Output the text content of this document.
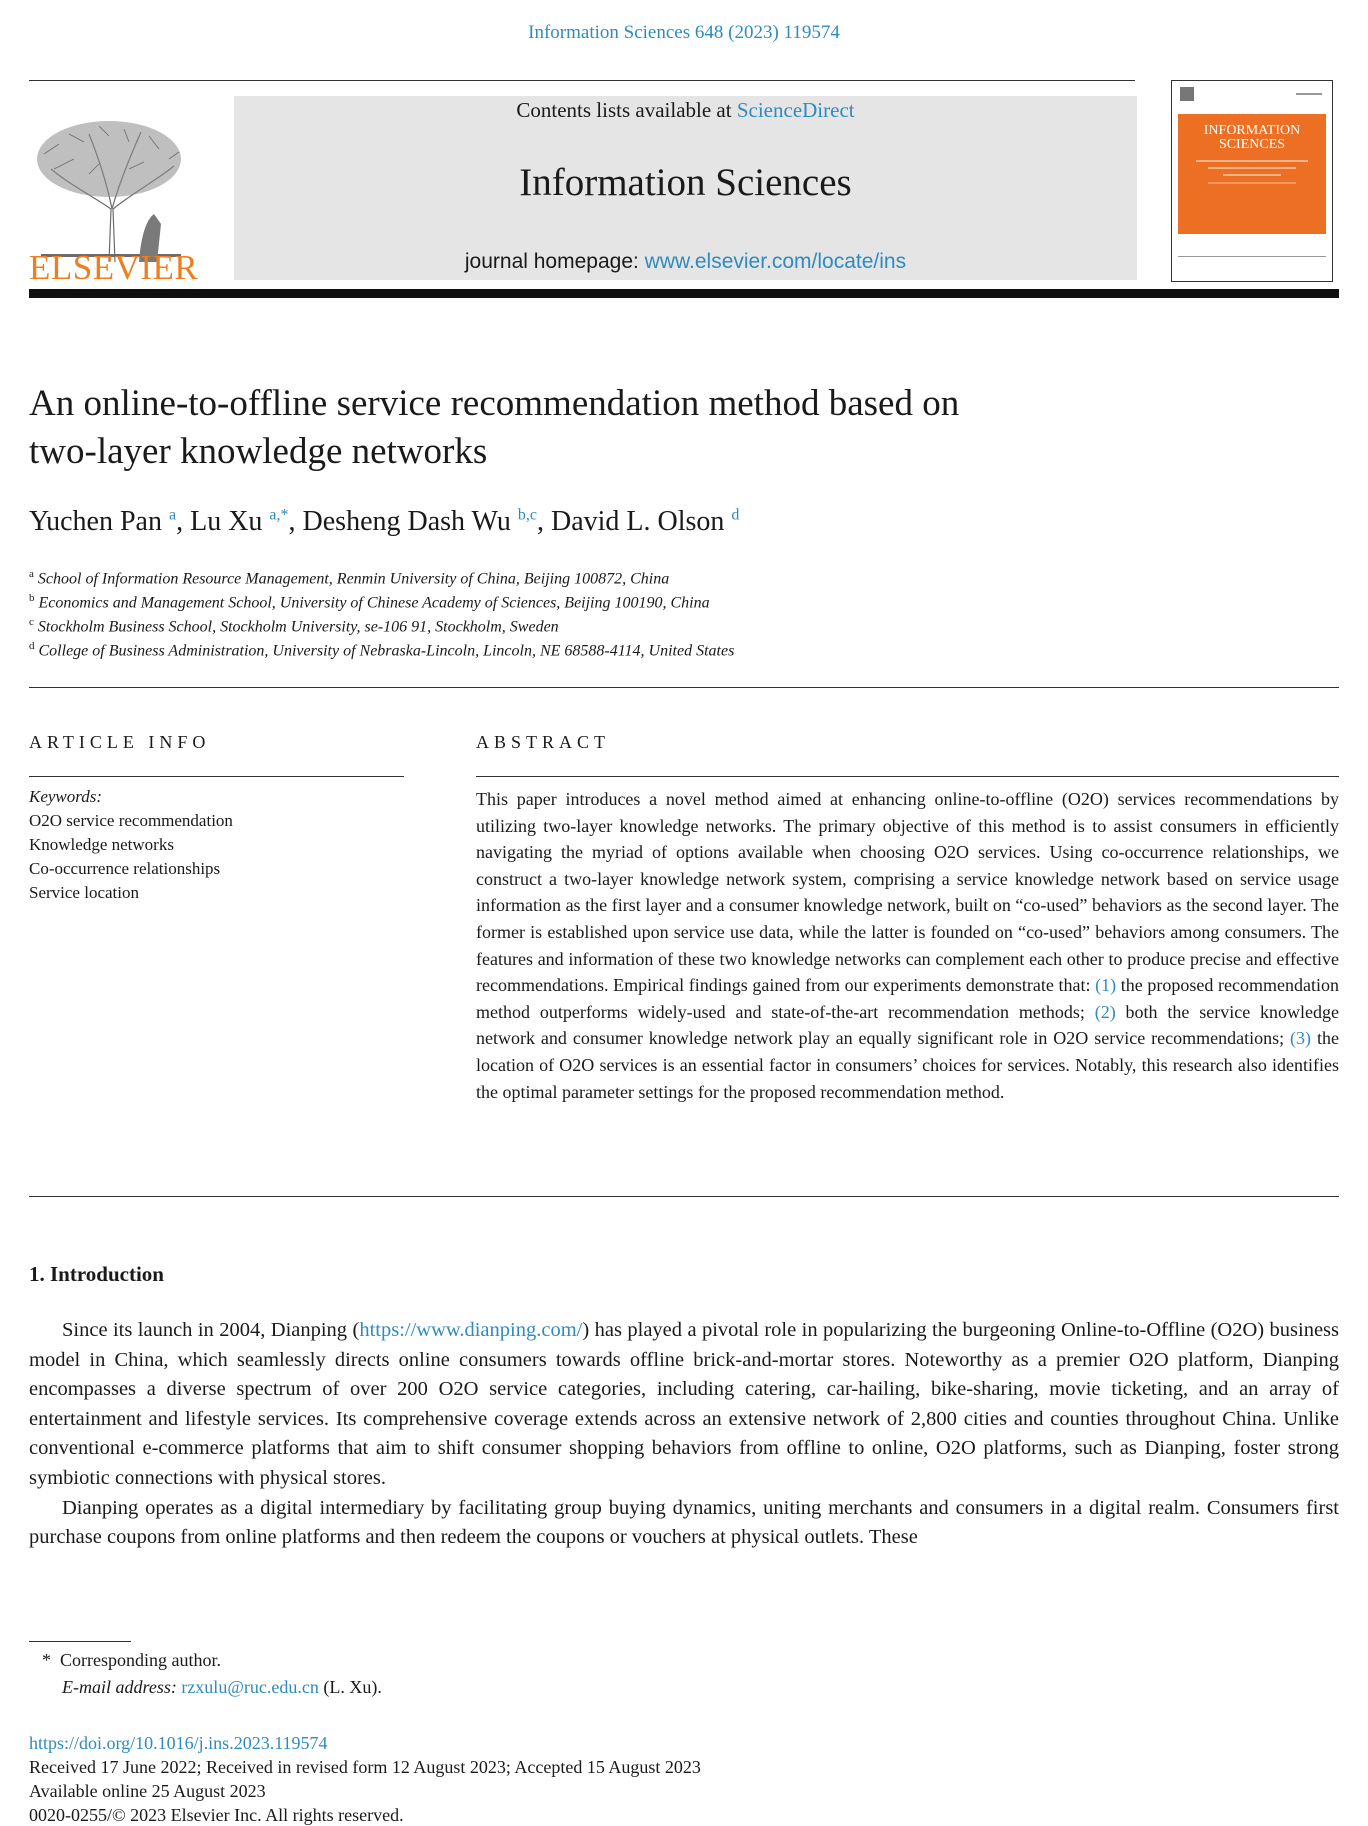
Information Sciences 648 (2023) 119574
ELSEVIER
Contents lists available at ScienceDirect
Information Sciences
journal homepage: www.elsevier.com/locate/ins
INFORMATION
SCIENCES
An online-to-offline service recommendation method based on
two-layer knowledge networks
Yuchen Pan $^a$, Lu Xu $^{a,*}$, Desheng Dash Wu $^{b,c}$, David L. Olson $^d$
$^a$ School of Information Resource Management, Renmin University of China, Beijing 100872, China
$^b$ Economics and Management School, University of Chinese Academy of Sciences, Beijing 100190, China
$^c$ Stockholm Business School, Stockholm University, se-106 91, Stockholm, Sweden
$^d$ College of Business Administration, University of Nebraska-Lincoln, Lincoln, NE 68588-4114, United States
ARTICLE INFO
Keywords:
O2O service recommendation
Knowledge networks
Co-occurrence relationships
Service location
ABSTRACT
This paper introduces a novel method aimed at enhancing online-to-offline (O2O) services recommendations by utilizing two-layer knowledge networks. The primary objective of this method is to assist consumers in efficiently navigating the myriad of options available when choosing O2O services. Using co-occurrence relationships, we construct a two-layer knowledge network system, comprising a service knowledge network based on service usage information as the first layer and a consumer knowledge network, built on “co-used” behaviors as the second layer. The former is established upon service use data, while the latter is founded on “co-used” behaviors among consumers. The features and information of these two knowledge networks can complement each other to produce precise and effective recommendations. Empirical findings gained from our experiments demonstrate that: (1) the proposed recommendation method outperforms widely-used and state-of-the-art recommendation methods; (2) both the service knowledge network and consumer knowledge network play an equally significant role in O2O service recommendations; (3) the location of O2O services is an essential factor in consumers’ choices for services. Notably, this research also identifies the optimal parameter settings for the proposed recommendation method.
1. Introduction

Since its launch in 2004, Dianping (https://www.dianping.com/) has played a pivotal role in popularizing the burgeoning Online-to-Offline (O2O) business model in China, which seamlessly directs online consumers towards offline brick-and-mortar stores. Noteworthy as a premier O2O platform, Dianping encompasses a diverse spectrum of over 200 O2O service categories, including catering, car-hailing, bike-sharing, movie ticketing, and an array of entertainment and lifestyle services. Its comprehensive coverage extends across an extensive network of 2,800 cities and counties throughout China. Unlike conventional e-commerce platforms that aim to shift consumer shopping behaviors from offline to online, O2O platforms, such as Dianping, foster strong symbiotic connections with physical stores.

Dianping operates as a digital intermediary by facilitating group buying dynamics, uniting merchants and consumers in a digital realm. Consumers first purchase coupons from online platforms and then redeem the coupons or vouchers at physical outlets. These

* Corresponding author.
E-mail address: rzxulu@ruc.edu.cn (L. Xu).
https://doi.org/10.1016/j.ins.2023.119574
Received 17 June 2022; Received in revised form 12 August 2023; Accepted 15 August 2023
Available online 25 August 2023
0020-0255/© 2023 Elsevier Inc. All rights reserved.
